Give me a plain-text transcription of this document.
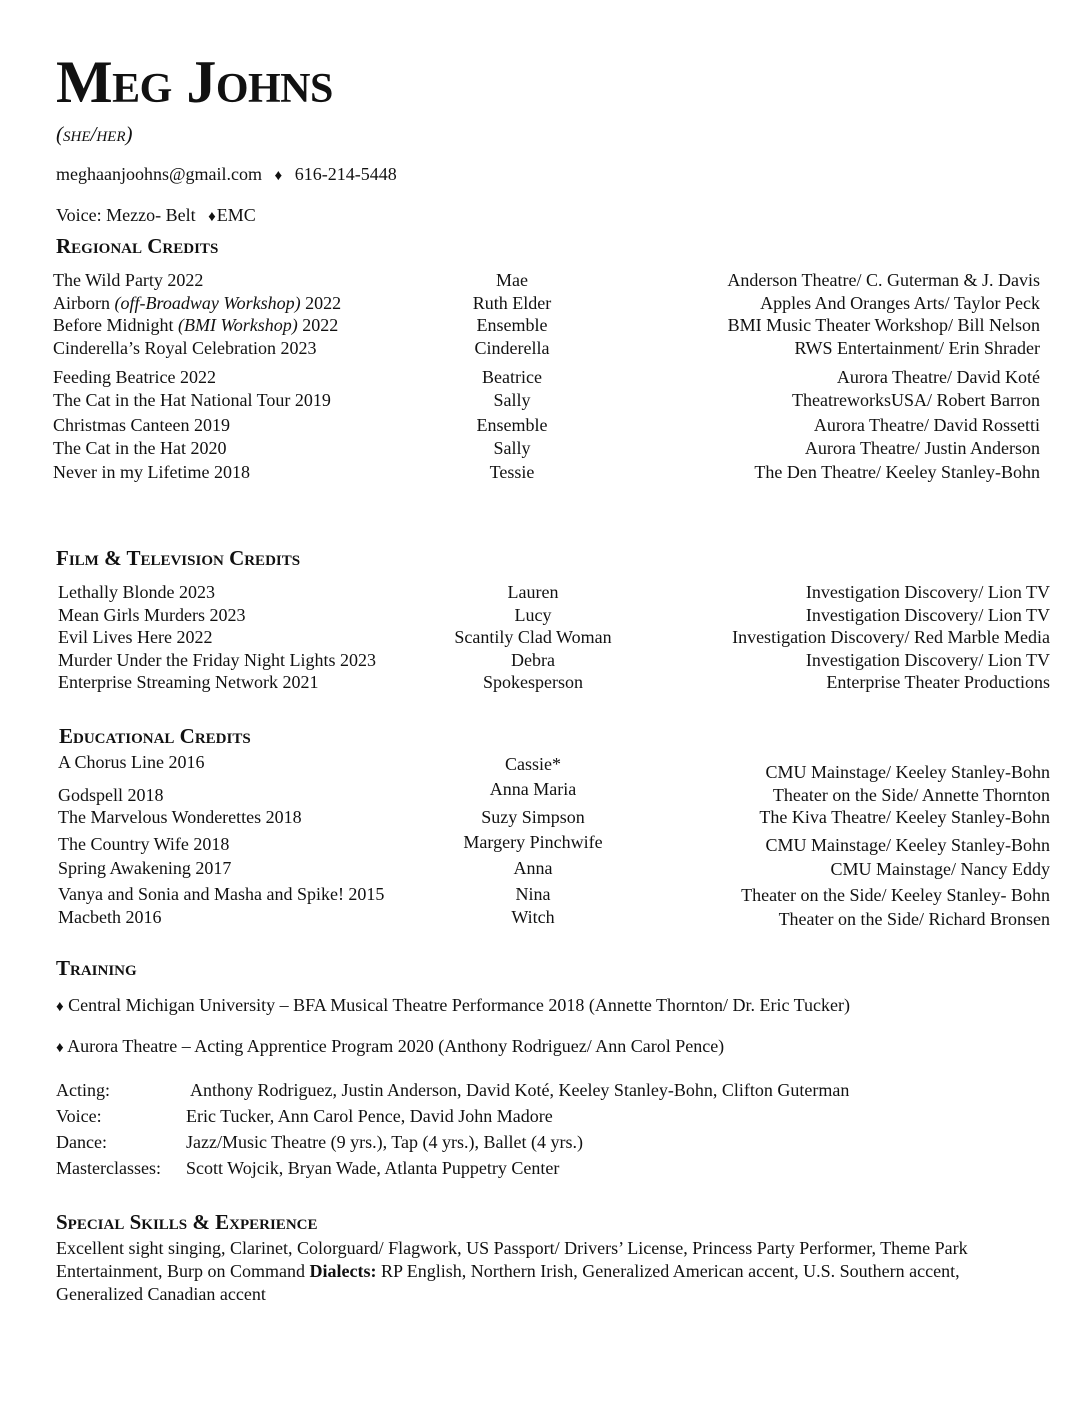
Meg Johns
(she/her)
meghaanjoohns@gmail.com ♦ 616-214-5448
Voice: Mezzo- Belt ♦EMC
Regional Credits
The Wild Party 2022	Mae	Anderson Theatre/ C. Guterman & J. Davis
Airborn (off-Broadway Workshop) 2022	Ruth Elder	Apples And Oranges Arts/ Taylor Peck
Before Midnight (BMI Workshop) 2022	Ensemble	BMI Music Theater Workshop/ Bill Nelson
Cinderella’s Royal Celebration 2023	Cinderella	RWS Entertainment/ Erin Shrader
Feeding Beatrice 2022	Beatrice	Aurora Theatre/ David Koté
The Cat in the Hat National Tour 2019	Sally	TheatreworksUSA/ Robert Barron
Christmas Canteen 2019	Ensemble	Aurora Theatre/ David Rossetti
The Cat in the Hat 2020	Sally	Aurora Theatre/ Justin Anderson
Never in my Lifetime 2018	Tessie	The Den Theatre/ Keeley Stanley-Bohn
Film & Television Credits
Lethally Blonde 2023	Lauren	Investigation Discovery/ Lion TV
Mean Girls Murders 2023	Lucy	Investigation Discovery/ Lion TV
Evil Lives Here 2022	Scantily Clad Woman	Investigation Discovery/ Red Marble Media
Murder Under the Friday Night Lights 2023	Debra	Investigation Discovery/ Lion TV
Enterprise Streaming Network 2021	Spokesperson	Enterprise Theater Productions
Educational Credits
A Chorus Line 2016	Cassie*	CMU Mainstage/ Keeley Stanley-Bohn
Godspell 2018	Anna Maria	Theater on the Side/ Annette Thornton
The Marvelous Wonderettes 2018	Suzy Simpson	The Kiva Theatre/ Keeley Stanley-Bohn
The Country Wife 2018	Margery Pinchwife	CMU Mainstage/ Keeley Stanley-Bohn
Spring Awakening 2017	Anna	CMU Mainstage/ Nancy Eddy
Vanya and Sonia and Masha and Spike! 2015	Nina	Theater on the Side/ Keeley Stanley- Bohn
Macbeth 2016	Witch	Theater on the Side/ Richard Bronsen
Training
♦ Central Michigan University – BFA Musical Theatre Performance 2018 (Annette Thornton/ Dr. Eric Tucker)
♦ Aurora Theatre – Acting Apprentice Program 2020 (Anthony Rodriguez/ Ann Carol Pence)
Acting:	Anthony Rodriguez, Justin Anderson, David Koté, Keeley Stanley-Bohn, Clifton Guterman
Voice:	Eric Tucker, Ann Carol Pence, David John Madore
Dance:	Jazz/Music Theatre (9 yrs.), Tap (4 yrs.), Ballet (4 yrs.)
Masterclasses: Scott Wojcik, Bryan Wade, Atlanta Puppetry Center
Special Skills & Experience
Excellent sight singing, Clarinet, Colorguard/ Flagwork, US Passport/ Drivers’ License, Princess Party Performer, Theme Park Entertainment, Burp on Command Dialects: RP English, Northern Irish, Generalized American accent, U.S. Southern accent, Generalized Canadian accent
